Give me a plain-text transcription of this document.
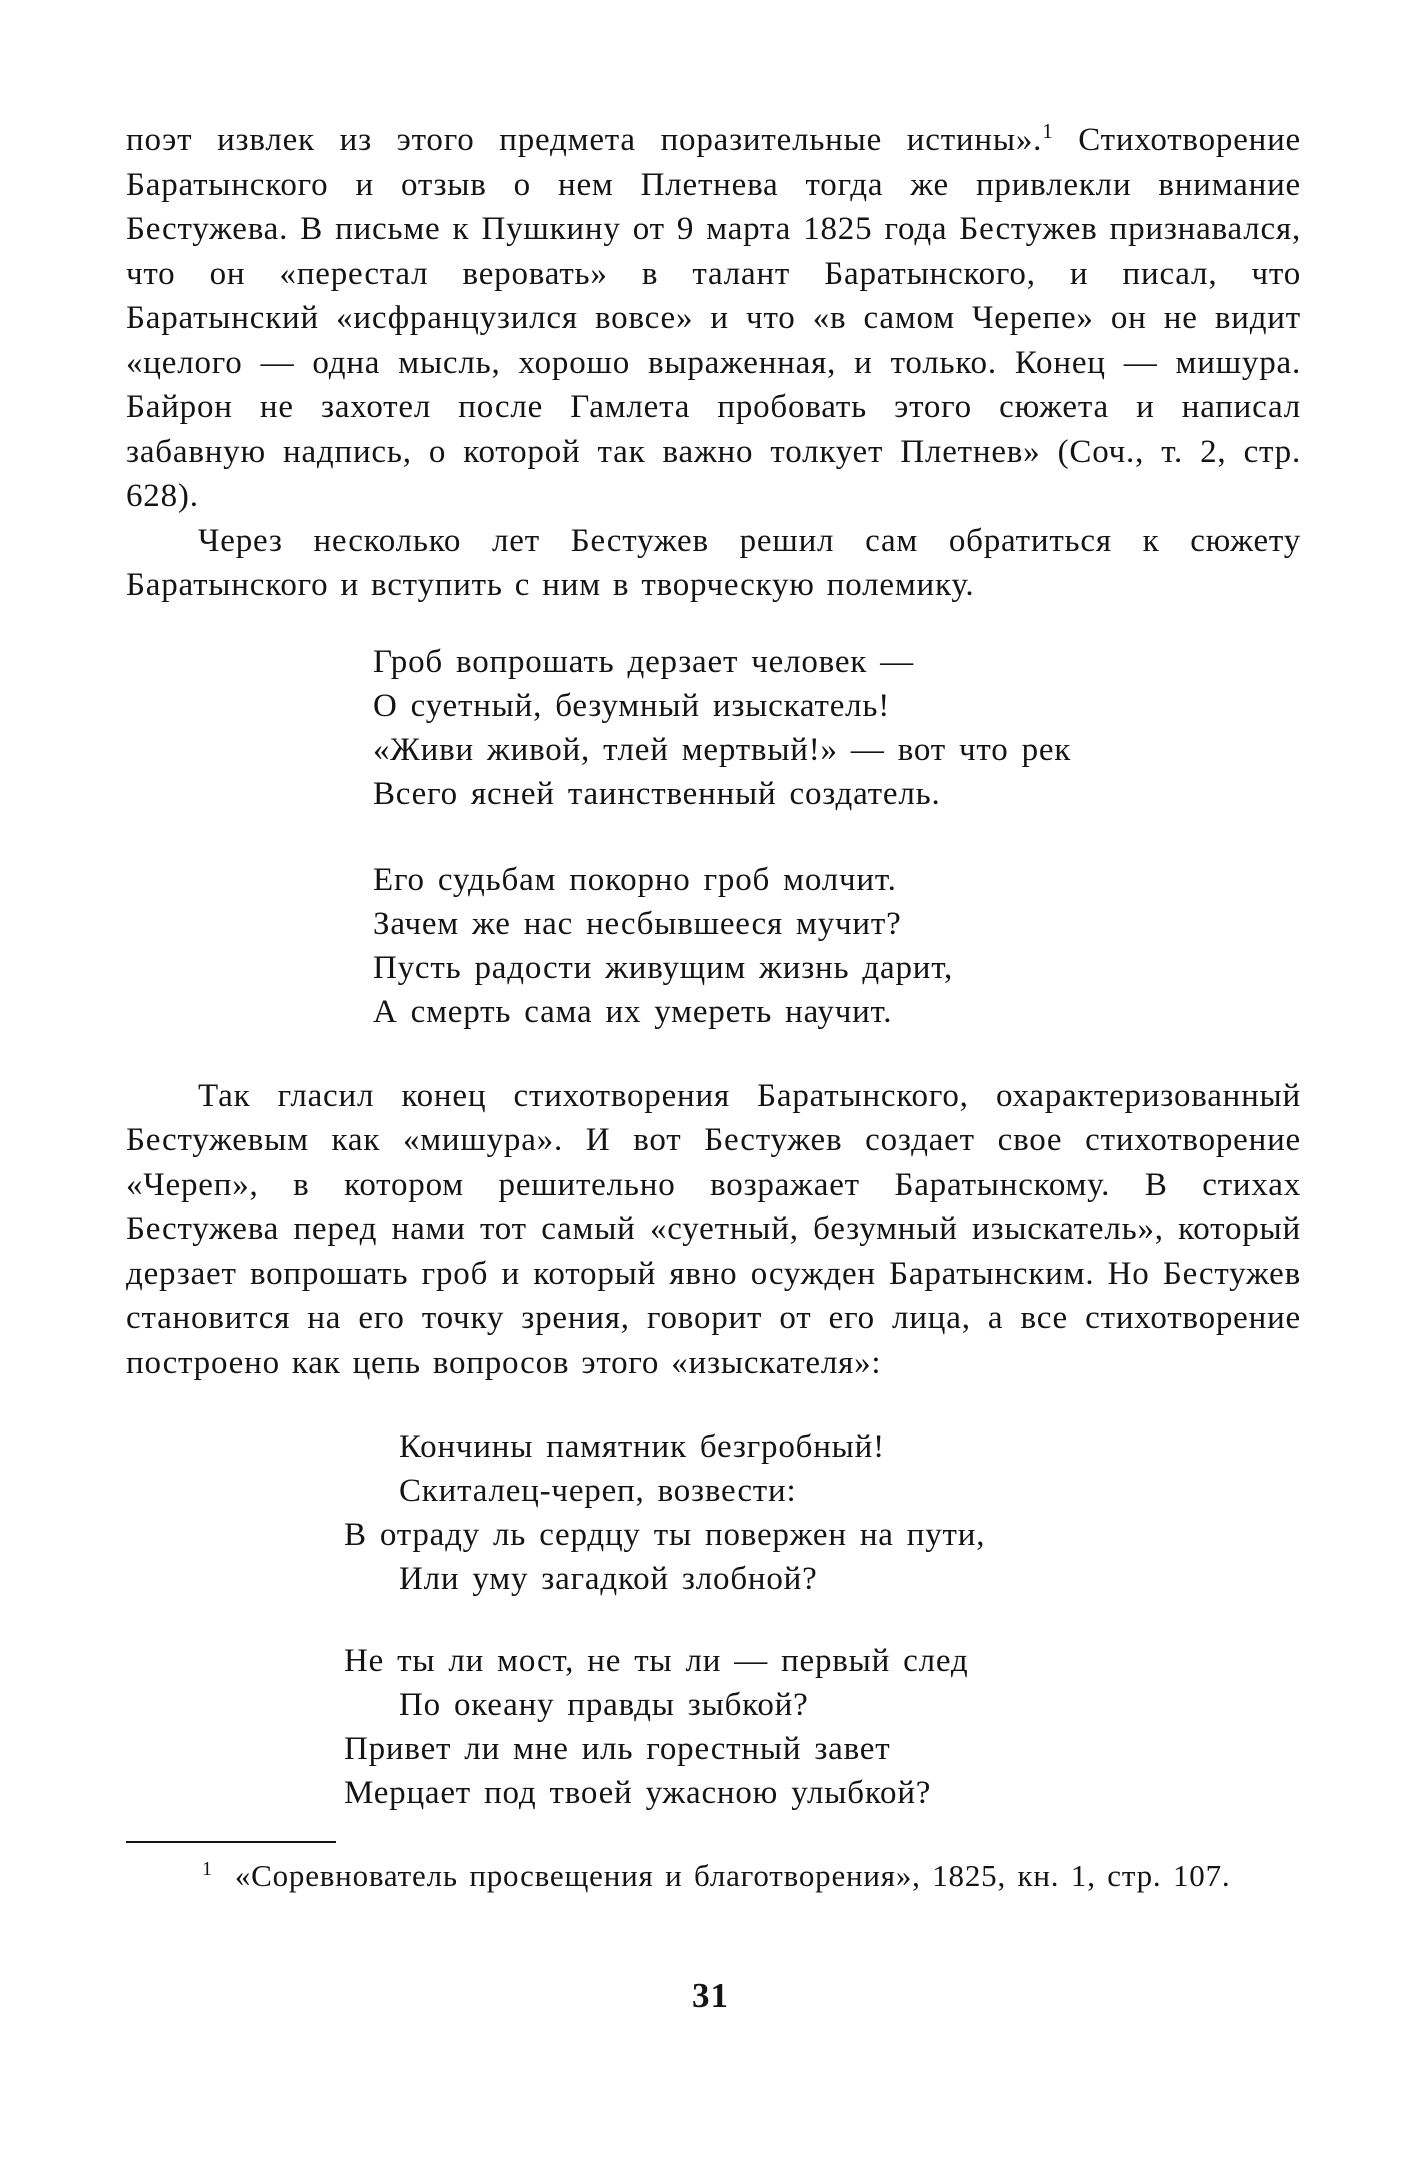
поэт извлек из этого предмета поразительные истины».$^1$ Стихотворение Баратынского и отзыв о нем Плетнева тогда же привлекли внимание Бестужева. В письме к Пушкину от 9 марта 1825 года Бестужев признавался, что он «перестал веровать» в талант Баратынского, и писал, что Баратынский «исфранцузился вовсе» и что «в самом Черепе» он не видит «целого — одна мысль, хорошо выраженная, и только. Конец — мишура. Байрон не захотел после Гамлета пробовать этого сюжета и написал забавную надпись, о которой так важно толкует Плетнев» (Соч., т. 2, стр. 628).

Через несколько лет Бестужев решил сам обратиться к сюжету Баратынского и вступить с ним в творческую полемику.

Гроб вопрошать дерзает человек —
О суетный, безумный изыскатель!
«Живи живой, тлей мертвый!» — вот что рек
Всего ясней таинственный создатель.
Его судьбам покорно гроб молчит.
Зачем же нас несбывшееся мучит?
Пусть радости живущим жизнь дарит,
А смерть сама их умереть научит.

Так гласил конец стихотворения Баратынского, охарактеризованный Бестужевым как «мишура». И вот Бестужев создает свое стихотворение «Череп», в котором решительно возражает Баратынскому. В стихах Бестужева перед нами тот самый «суетный, безумный изыскатель», который дерзает вопрошать гроб и который явно осужден Баратынским. Но Бестужев становится на его точку зрения, говорит от его лица, а все стихотворение построено как цепь вопросов этого «изыскателя»:

Кончины памятник безгробный!
Скиталец-череп, возвести:
В отраду ль сердцу ты повержен на пути,
Или уму загадкой злобной?
Не ты ли мост, не ты ли — первый след
По океану правды зыбкой?
Привет ли мне иль горестный завет
Мерцает под твоей ужасною улыбкой?

$^1$ «Соревнователь просвещения и благотворения», 1825, кн. 1, стр. 107.

31
